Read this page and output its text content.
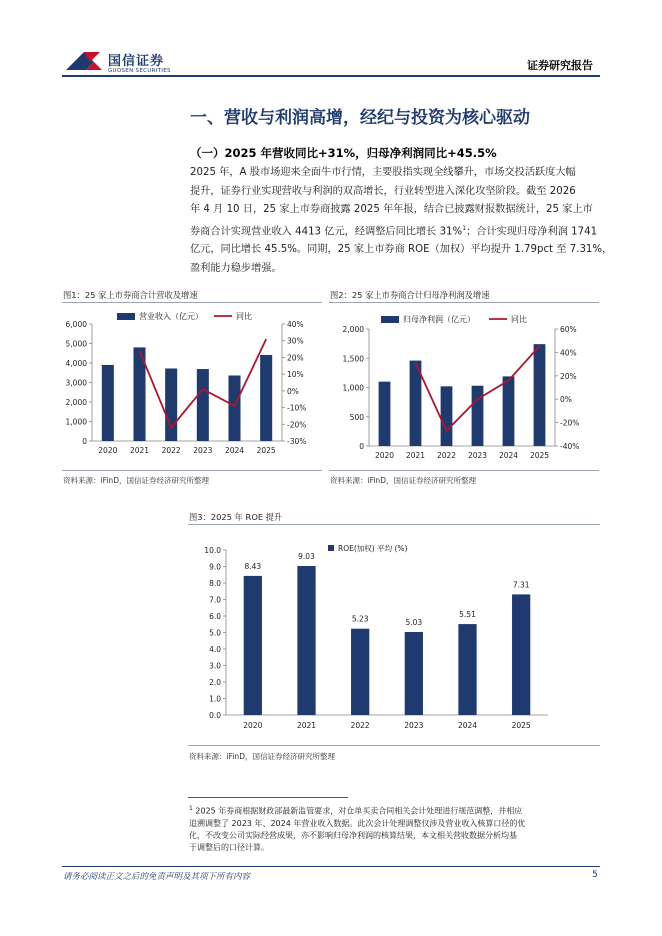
国信证券
GUOSEN SECURITIES	证券研究报告
一、营收与利润高增，经纪与投资为核心驱动
（一）2025 年营收同比+31%，归母净利润同比+45.5%
2025 年，A 股市场迎来全面牛市行情，主要股指实现全线攀升，市场交投活跃度大幅
提升，证券行业实现营收与利润的双高增长，行业转型进入深化攻坚阶段。截至 2026
年 4 月 10 日，25 家上市券商披露 2025 年年报，结合已披露财报数据统计，25 家上市
券商合计实现营业收入 4413 亿元，经调整后同比增长 31%$^1$；合计实现归母净利润 1741
亿元，同比增长 45.5%。同期，25 家上市券商 ROE（加权）平均提升 1.79pct 至 7.31%，
盈利能力稳步增强。
图1：25 家上市券商合计营收及增速
0
1,000
2,000
3,000
4,000
5,000
6,000
-30%
-20%
-10%
0%
10%
20%
30%
40%
2020 2021 2022 2023 2024 2025
营业收入（亿元）	同比
资料来源：iFinD，国信证券经济研究所整理
图2：25 家上市券商合计归母净利润及增速
0
500
1,000
1,500
2,000
-40%
-20%
0%
20%
40%
60%
2020 2021 2022 2023 2024 2025
归母净利润（亿元）	同比
资料来源：iFinD，国信证券经济研究所整理
图3：2025 年 ROE 提升
0.0
1.0
2.0
3.0
4.0
5.0
6.0
7.0
8.0
9.0
10.0
8.43
2020
9.03
2021
5.23
2022
5.03
2023
5.51
2024
7.31
2025
ROE(加权) 平均 (%)
资料来源：iFinD，国信证券经济研究所整理
$^1$ 2025 年券商根据财政部最新监管要求，对仓单买卖合同相关会计处理进行规范调整，并相应
追溯调整了 2023 年、2024 年营业收入数据。此次会计处理调整仅涉及营业收入核算口径的优
化，不改变公司实际经营成果，亦不影响归母净利润的核算结果，本文相关营收数据分析均基
于调整后的口径计算。
请务必阅读正文之后的免责声明及其项下所有内容	5
